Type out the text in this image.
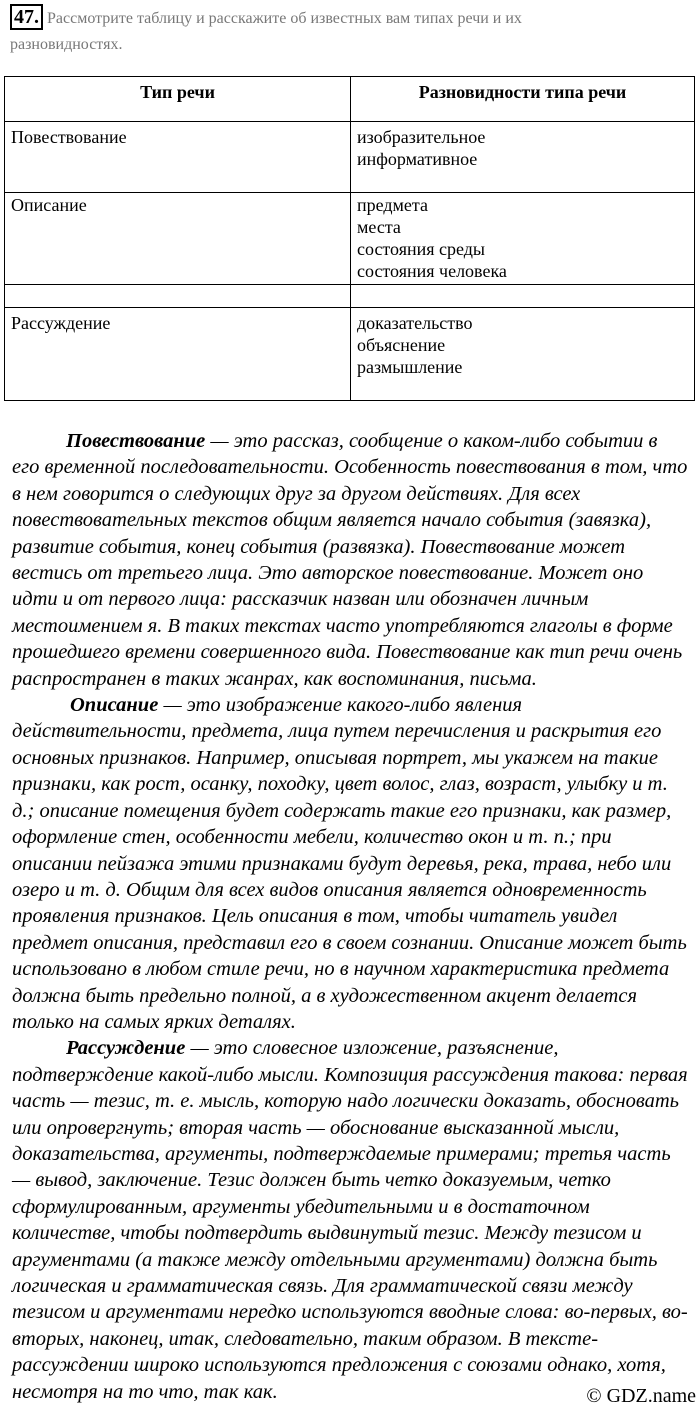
47. Рассмотрите таблицу и расскажите об известных вам типах речи и их
разновидностях.
Тип речи	Разновидности типа речи
Повествование	изобразительное
информативное

Описание	предмета
места
состояния среды
состояния человека

Рассуждение	доказательство
объяснение
размышление
Повествование — это рассказ, сообщение о каком-либо событии в
его временной последовательности. Особенность повествования в том, что
в нем говорится о следующих друг за другом действиях. Для всех
повествовательных текстов общим является начало события (завязка),
развитие события, конец события (развязка). Повествование может
вестись от третьего лица. Это авторское повествование. Может оно
идти и от первого лица: рассказчик назван или обозначен личным
местоимением я. В таких текстах часто употребляются глаголы в форме
прошедшего времени совершенного вида. Повествование как тип речи очень
распространен в таких жанрах, как воспоминания, письма.
Описание — это изображение какого-либо явления
действительности, предмета, лица путем перечисления и раскрытия его
основных признаков. Например, описывая портрет, мы укажем на такие
признаки, как рост, осанку, походку, цвет волос, глаз, возраст, улыбку и т.
д.; описание помещения будет содержать такие его признаки, как размер,
оформление стен, особенности мебели, количество окон и т. п.; при
описании пейзажа этими признаками будут деревья, река, трава, небо или
озеро и т. д. Общим для всех видов описания является одновременность
проявления признаков. Цель описания в том, чтобы читатель увидел
предмет описания, представил его в своем сознании. Описание может быть
использовано в любом стиле речи, но в научном характеристика предмета
должна быть предельно полной, а в художественном акцент делается
только на самых ярких деталях.
Рассуждение — это словесное изложение, разъяснение,
подтверждение какой-либо мысли. Композиция рассуждения такова: первая
часть — тезис, т. е. мысль, которую надо логически доказать, обосновать
или опровергнуть; вторая часть — обоснование высказанной мысли,
доказательства, аргументы, подтверждаемые примерами; третья часть
— вывод, заключение. Тезис должен быть четко доказуемым, четко
сформулированным, аргументы убедительными и в достаточном
количестве, чтобы подтвердить выдвинутый тезис. Между тезисом и
аргументами (а также между отдельными аргументами) должна быть
логическая и грамматическая связь. Для грамматической связи между
тезисом и аргументами нередко используются вводные слова: во-первых, во-
вторых, наконец, итак, следовательно, таким образом. В тексте-
рассуждении широко используются предложения с союзами однако, хотя,
несмотря на то что, так как.	© GDZ.name
